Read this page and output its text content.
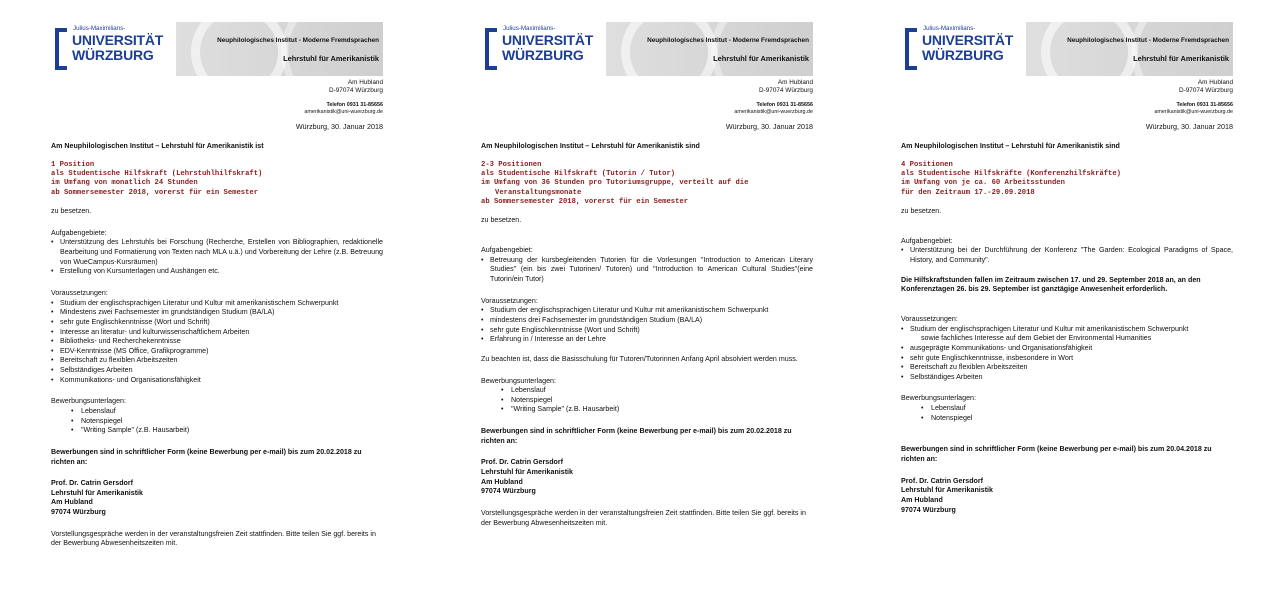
Julius-Maximilians-
UNIVERSITÄT
WÜRZBURG
Neuphilologisches Institut - Moderne Fremdsprachen
Lehrstuhl für Amerikanistik
Am Hubland
D-97074 Würzburg
Telefon 0931 31-85656
amerikanistik@uni-wuerzburg.de
Würzburg, 30. Januar 2018
Am Neuphilologischen Institut – Lehrstuhl für Amerikanistik ist
1 Position
als Studentische Hilfskraft (Lehrstuhlhilfskraft)
im Umfang von monatlich 24 Stunden
ab Sommersemester 2018, vorerst für ein Semester
zu besetzen.
Aufgabengebiete:
• Unterstützung des Lehrstuhls bei Forschung (Recherche, Erstellen von Bibliographien, redaktionelle Bearbeitung und Formatierung von Texten nach MLA u.ä.) und Vorbereitung der Lehre (z.B. Betreuung von WueCampus-Kursräumen)
• Erstellung von Kursunterlagen und Aushängen etc.
Voraussetzungen:
• Studium der englischsprachigen Literatur und Kultur mit amerikanistischem Schwerpunkt
• Mindestens zwei Fachsemester im grundständigen Studium (BA/LA)
• sehr gute Englischkenntnisse (Wort und Schrift)
• Interesse an literatur- und kulturwissenschaftlichem Arbeiten
• Bibliotheks- und Recherchekenntnisse
• EDV-Kenntnisse (MS Office, Grafikprogramme)
• Bereitschaft zu flexiblen Arbeitszeiten
• Selbständiges Arbeiten
• Kommunikations- und Organisationsfähigkeit
Bewerbungsunterlagen:
• Lebenslauf
• Notenspiegel
• "Writing Sample" (z.B. Hausarbeit)
Bewerbungen sind in schriftlicher Form (keine Bewerbung per e-mail) bis zum 20.02.2018 zu richten an:
Prof. Dr. Catrin Gersdorf
Lehrstuhl für Amerikanistik
Am Hubland
97074 Würzburg
Vorstellungsgespräche werden in der veranstaltungsfreien Zeit stattfinden. Bitte teilen Sie ggf. bereits in der Bewerbung Abwesenheitszeiten mit.
Julius-Maximilians-
UNIVERSITÄT
WÜRZBURG
Neuphilologisches Institut - Moderne Fremdsprachen
Lehrstuhl für Amerikanistik
Am Hubland
D-97074 Würzburg
Telefon 0931 31-85656
amerikanistik@uni-wuerzburg.de
Würzburg, 30. Januar 2018
Am Neuphilologischen Institut – Lehrstuhl für Amerikanistik sind
2-3 Positionen
als Studentische Hilfskraft (Tutorin / Tutor)
im Umfang von 36 Stunden pro Tutoriumsgruppe, verteilt auf die
Veranstaltungsmonate
ab Sommersemester 2018, vorerst für ein Semester
zu besetzen.
Aufgabengebiet:
• Betreuung der kursbegleitenden Tutorien für die Vorlesungen "Introduction to American Literary Studies" (ein bis zwei Tutorinen/ Tutoren) und "Introduction to American Cultural Studies"(eine Tutorin/ein Tutor)
Voraussetzungen:
• Studium der englischsprachigen Literatur und Kultur mit amerikanistischem Schwerpunkt
• mindestens drei Fachsemester im grundständigen Studium (BA/LA)
• sehr gute Englischkenntnisse (Wort und Schrift)
• Erfahrung in / Interesse an der Lehre
Zu beachten ist, dass die Basisschulung für Tutoren/Tutorinnen Anfang April absolviert werden muss.
Bewerbungsunterlagen:
• Lebenslauf
• Notenspiegel
• "Writing Sample" (z.B. Hausarbeit)
Bewerbungen sind in schriftlicher Form (keine Bewerbung per e-mail) bis zum 20.02.2018 zu richten an:
Prof. Dr. Catrin Gersdorf
Lehrstuhl für Amerikanistik
Am Hubland
97074 Würzburg
Vorstellungsgespräche werden in der veranstaltungsfreien Zeit stattfinden. Bitte teilen Sie ggf. bereits in der Bewerbung Abwesenheitszeiten mit.
Julius-Maximilians-
UNIVERSITÄT
WÜRZBURG
Neuphilologisches Institut - Moderne Fremdsprachen
Lehrstuhl für Amerikanistik
Am Hubland
D-97074 Würzburg
Telefon 0931 31-85656
amerikanistik@uni-wuerzburg.de
Würzburg, 30. Januar 2018
Am Neuphilologischen Institut – Lehrstuhl für Amerikanistik sind
4 Positionen
als Studentische Hilfskräfte (Konferenzhilfskräfte)
im Umfang von je ca. 60 Arbeitsstunden
für den Zeitraum 17.-29.09.2018
zu besetzen.
Aufgabengebiet:
• Unterstützung bei der Durchführung der Konferenz "The Garden: Ecological Paradigms of Space, History, and Community".
Die Hilfskraftstunden fallen im Zeitraum zwischen 17. und 29. September 2018 an, an den Konferenztagen 26. bis 29. September ist ganztägige Anwesenheit erforderlich.
Voraussetzungen:
• Studium der englischsprachigen Literatur und Kultur mit amerikanistischem Schwerpunkt
sowie fachliches Interesse auf dem Gebiet der Environmental Humanities
• ausgeprägte Kommunikations- und Organisationsfähigkeit
• sehr gute Englischkenntnisse, insbesondere in Wort
• Bereitschaft zu flexiblen Arbeitszeiten
• Selbständiges Arbeiten
Bewerbungsunterlagen:
• Lebenslauf
• Notenspiegel
Bewerbungen sind in schriftlicher Form (keine Bewerbung per e-mail) bis zum 20.04.2018 zu richten an:
Prof. Dr. Catrin Gersdorf
Lehrstuhl für Amerikanistik
Am Hubland
97074 Würzburg
